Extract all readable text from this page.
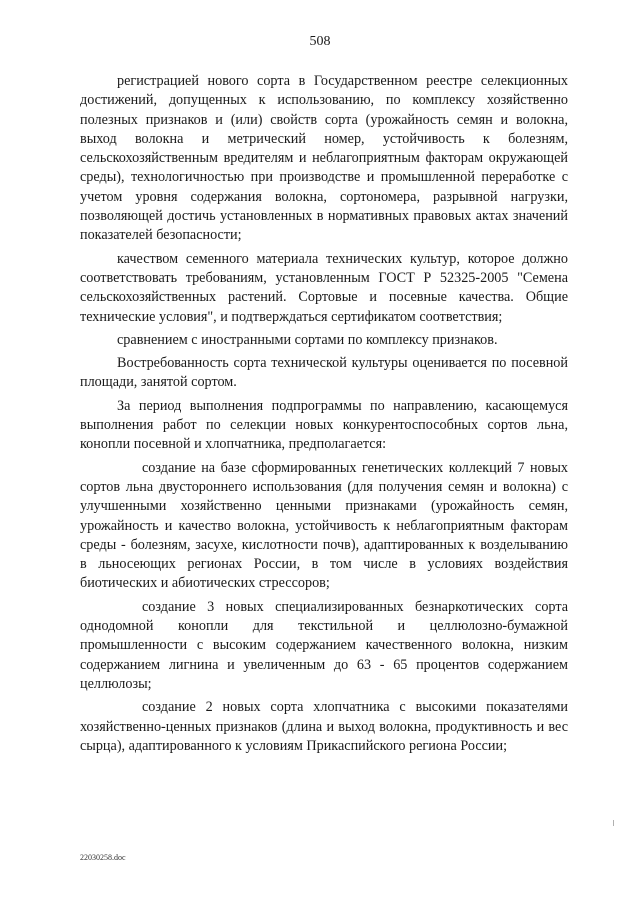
508

регистрацией нового сорта в Государственном реестре селекционных достижений, допущенных к использованию, по комплексу хозяйственно полезных признаков и (или) свойств сорта (урожайность семян и волокна, выход волокна и метрический номер, устойчивость к болезням, сельскохозяйственным вредителям и неблагоприятным факторам окружающей среды), технологичностью при производстве и промышленной переработке с учетом уровня содержания волокна, сортономера, разрывной нагрузки, позволяющей достичь установленных в нормативных правовых актах значений показателей безопасности;

качеством семенного материала технических культур, которое должно соответствовать требованиям, установленным ГОСТ Р 52325-2005 "Семена сельскохозяйственных растений. Сортовые и посевные качества. Общие технические условия", и подтверждаться сертификатом соответствия;

сравнением с иностранными сортами по комплексу признаков.

Востребованность сорта технической культуры оценивается по посевной площади, занятой сортом.

За период выполнения подпрограммы по направлению, касающемуся выполнения работ по селекции новых конкурентоспособных сортов льна, конопли посевной и хлопчатника, предполагается:

создание на базе сформированных генетических коллекций 7 новых сортов льна двустороннего использования (для получения семян и волокна) с улучшенными хозяйственно ценными признаками (урожайность семян, урожайность и качество волокна, устойчивость к неблагоприятным факторам среды - болезням, засухе, кислотности почв), адаптированных к возделыванию в льносеющих регионах России, в том числе в условиях воздействия биотических и абиотических стрессоров;

создание 3 новых специализированных безнаркотических сорта однодомной конопли для текстильной и целлюлозно-бумажной промышленности с высоким содержанием качественного волокна, низким содержанием лигнина и увеличенным до 63 - 65 процентов содержанием целлюлозы;

создание 2 новых сорта хлопчатника с высокими показателями хозяйственно-ценных признаков (длина и выход волокна, продуктивность и вес сырца), адаптированного к условиям Прикаспийского региона России;

22030258.doc
